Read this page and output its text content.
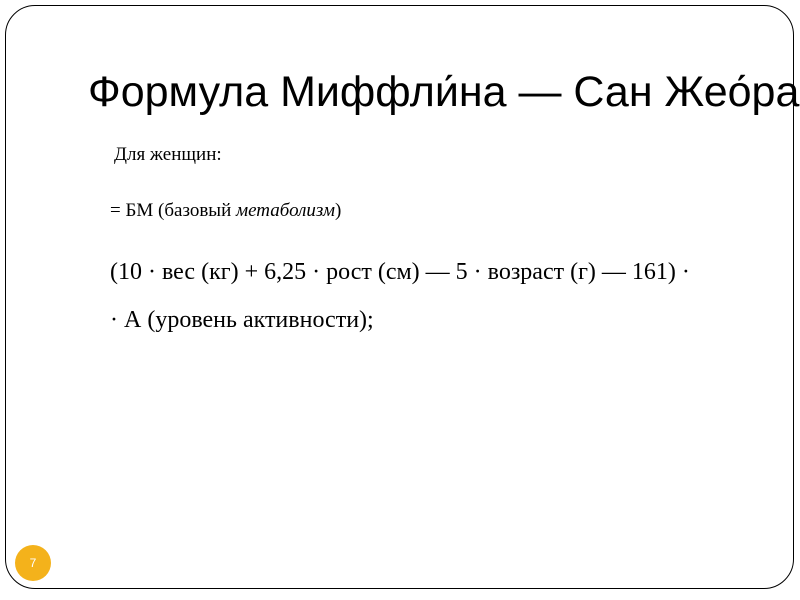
Формула Миффли́на — Сан Жео́ра
Для женщин:
= БМ (базовый метаболизм)
(10 · вес (кг) + 6,25 · рост (см) — 5 · возраст (г) — 161) ·
· А (уровень активности);
7
